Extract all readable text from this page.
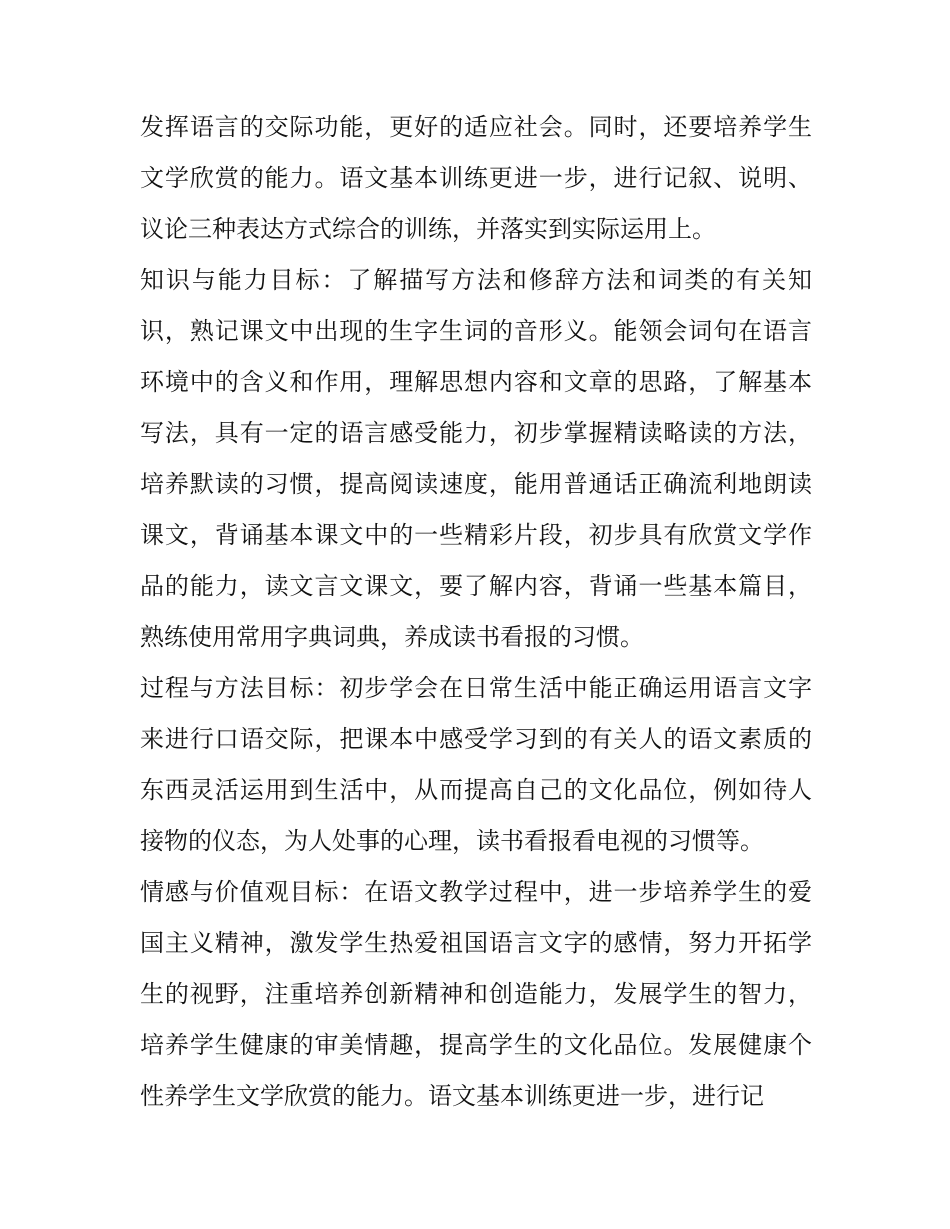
发挥语言的交际功能，更好的适应社会。同时，还要培养学生
文学欣赏的能力。语文基本训练更进一步，进行记叙、说明、
议论三种表达方式综合的训练，并落实到实际运用上。
知识与能力目标：了解描写方法和修辞方法和词类的有关知
识，熟记课文中出现的生字生词的音形义。能领会词句在语言
环境中的含义和作用，理解思想内容和文章的思路，了解基本
写法，具有一定的语言感受能力，初步掌握精读略读的方法，
培养默读的习惯，提高阅读速度，能用普通话正确流利地朗读
课文，背诵基本课文中的一些精彩片段，初步具有欣赏文学作
品的能力，读文言文课文，要了解内容，背诵一些基本篇目，
熟练使用常用字典词典，养成读书看报的习惯。
过程与方法目标：初步学会在日常生活中能正确运用语言文字
来进行口语交际，把课本中感受学习到的有关人的语文素质的
东西灵活运用到生活中，从而提高自己的文化品位，例如待人
接物的仪态，为人处事的心理，读书看报看电视的习惯等。
情感与价值观目标：在语文教学过程中，进一步培养学生的爱
国主义精神，激发学生热爱祖国语言文字的感情，努力开拓学
生的视野，注重培养创新精神和创造能力，发展学生的智力，
培养学生健康的审美情趣，提高学生的文化品位。发展健康个
性养学生文学欣赏的能力。语文基本训练更进一步，进行记
